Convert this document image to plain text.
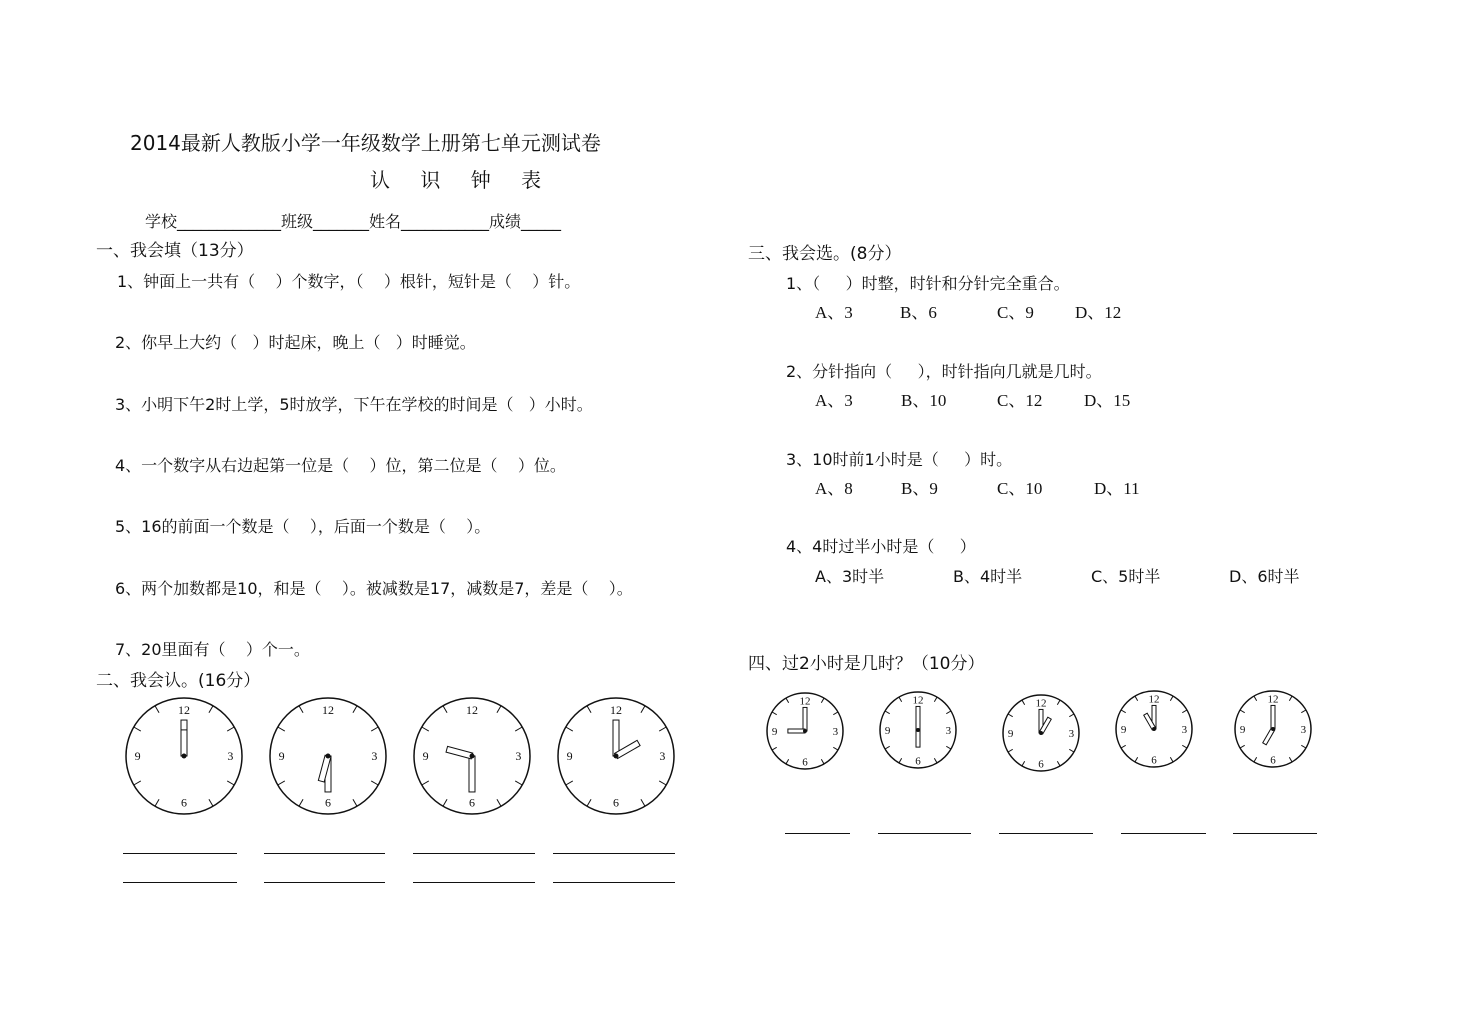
2014最新人教版小学一年级数学上册第七单元测试卷
认 识 钟 表
学校_____________班级_______姓名___________成绩_____
一、我会填（13分）
1、钟面上一共有（    ）个数字，（    ）根针，短针是（    ）针。
2、你早上大约（   ）时起床，晚上（   ）时睡觉。
3、小明下午2时上学，5时放学，下午在学校的时间是（   ）小时。
4、一个数字从右边起第一位是（    ）位，第二位是（    ）位。
5、16的前面一个数是（    ），后面一个数是（    ）。
6、两个加数都是10，和是（    ）。被减数是17，减数是7，差是（    ）。
7、20里面有（    ）个一。
二、我会认。(16分）
12
3
6
9
12
3
6
9
12
3
6
9
12
3
6
9
三、我会选。(8分）
1、（     ）时整，时针和分针完全重合。
A、3	B、6	C、9 D、12
2、分针指向（     ），时针指向几就是几时。
A、3	B、10	C、12 D、15
3、10时前1小时是（     ）时。
A、8	B、9	C、10	D、11
4、4时过半小时是（     ）
A、3时半	B、4时半	C、5时半	D、6时半
四、过2小时是几时？（10分）
12
3
6
9
12
3
6
9
12
3
6
9
12
3
6
9
12
3
6
9
